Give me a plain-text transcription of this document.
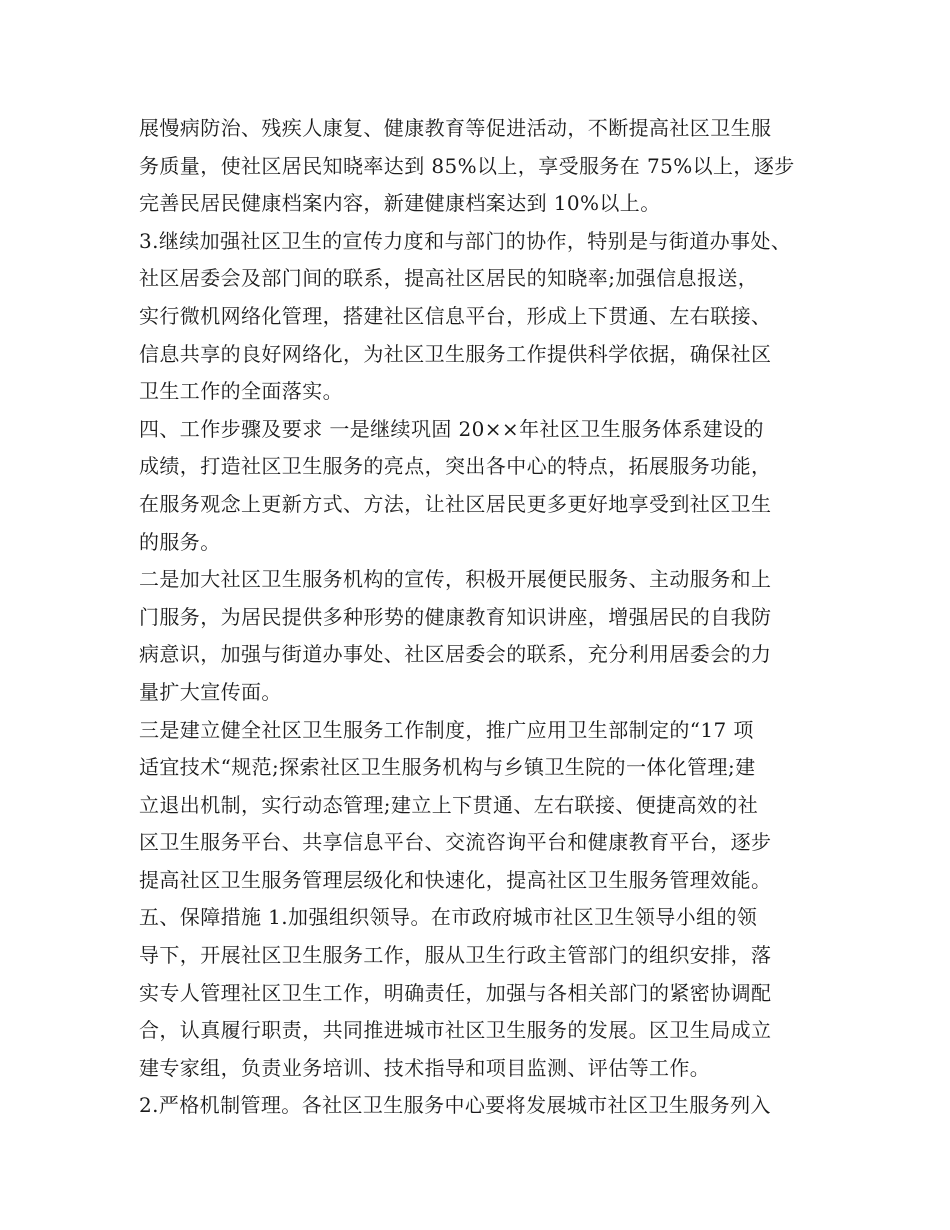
展慢病防治、残疾人康复、健康教育等促进活动，不断提高社区卫生服
务质量，使社区居民知晓率达到 85%以上，享受服务在 75%以上，逐步
完善民居民健康档案内容，新建健康档案达到 10%以上。
3.继续加强社区卫生的宣传力度和与部门的协作，特别是与街道办事处、
社区居委会及部门间的联系，提高社区居民的知晓率;加强信息报送，
实行微机网络化管理，搭建社区信息平台，形成上下贯通、左右联接、
信息共享的良好网络化，为社区卫生服务工作提供科学依据，确保社区
卫生工作的全面落实。
四、工作步骤及要求 一是继续巩固 20××年社区卫生服务体系建设的
成绩，打造社区卫生服务的亮点，突出各中心的特点，拓展服务功能，
在服务观念上更新方式、方法，让社区居民更多更好地享受到社区卫生
的服务。
二是加大社区卫生服务机构的宣传，积极开展便民服务、主动服务和上
门服务，为居民提供多种形势的健康教育知识讲座，增强居民的自我防
病意识，加强与街道办事处、社区居委会的联系，充分利用居委会的力
量扩大宣传面。
三是建立健全社区卫生服务工作制度，推广应用卫生部制定的“17 项
适宜技术“规范;探索社区卫生服务机构与乡镇卫生院的一体化管理;建
立退出机制，实行动态管理;建立上下贯通、左右联接、便捷高效的社
区卫生服务平台、共享信息平台、交流咨询平台和健康教育平台，逐步
提高社区卫生服务管理层级化和快速化，提高社区卫生服务管理效能。
五、保障措施 1.加强组织领导。在市政府城市社区卫生领导小组的领
导下，开展社区卫生服务工作，服从卫生行政主管部门的组织安排，落
实专人管理社区卫生工作，明确责任，加强与各相关部门的紧密协调配
合，认真履行职责，共同推进城市社区卫生服务的发展。区卫生局成立
建专家组，负责业务培训、技术指导和项目监测、评估等工作。
2.严格机制管理。各社区卫生服务中心要将发展城市社区卫生服务列入
